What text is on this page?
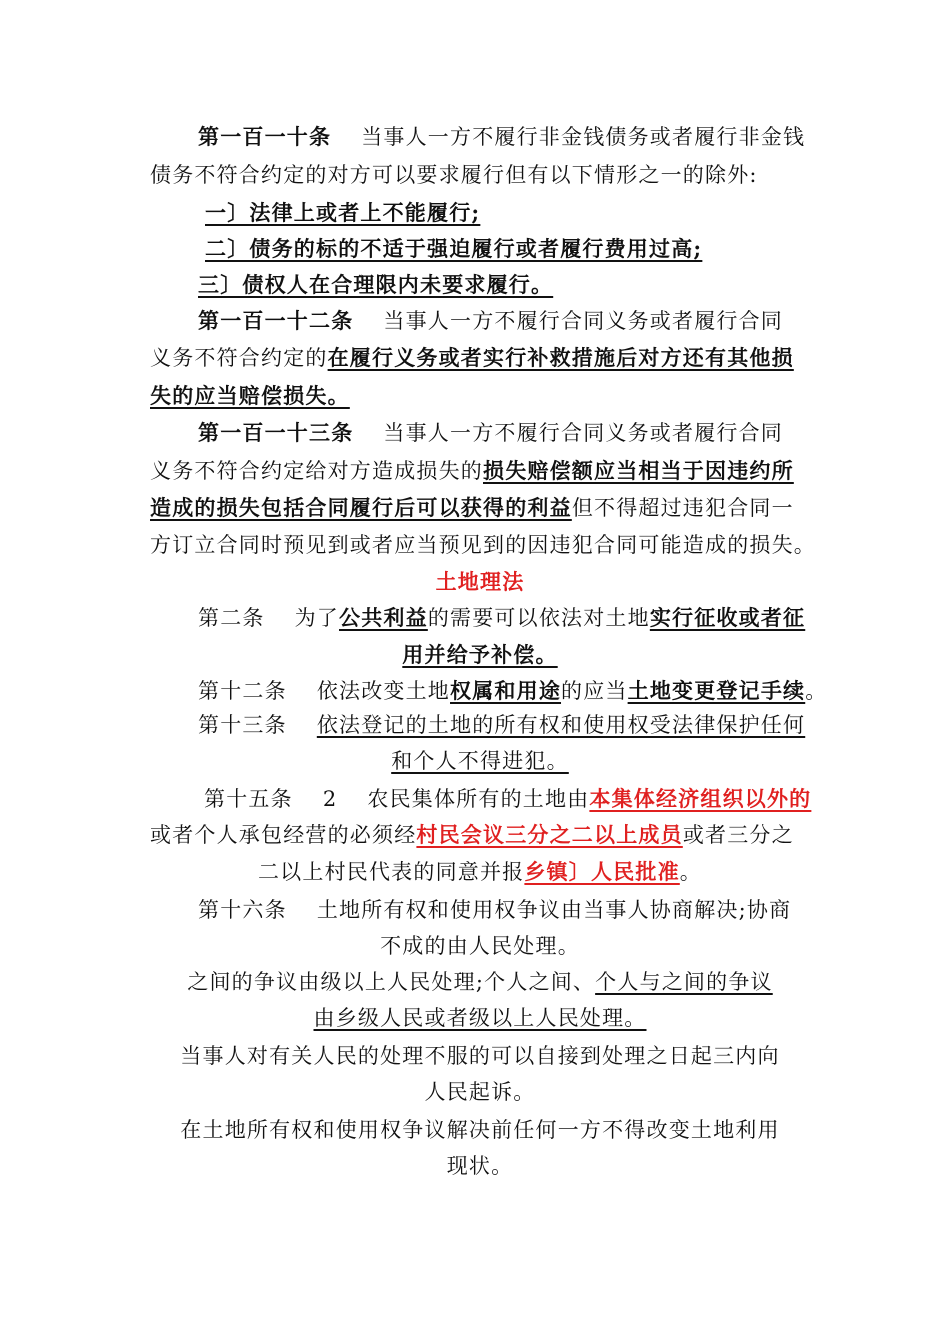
第一百一十条 当事人一方不履行非金钱债务或者履行非金钱
债务不符合约定的对方可以要求履行但有以下情形之一的除外:
一〕法律上或者上不能履行;
二〕债务的标的不适于强迫履行或者履行费用过高;
三〕债权人在合理限内未要求履行。
第一百一十二条 当事人一方不履行合同义务或者履行合同
义务不符合约定的在履行义务或者实行补救措施后对方还有其他损
失的应当赔偿损失。
第一百一十三条 当事人一方不履行合同义务或者履行合同
义务不符合约定给对方造成损失的损失赔偿额应当相当于因违约所
造成的损失包括合同履行后可以获得的利益但不得超过违犯合同一
方订立合同时预见到或者应当预见到的因违犯合同可能造成的损失。
土地理法
第二条 为了公共利益的需要可以依法对土地实行征收或者征
用并给予补偿。
第十二条 依法改变土地权属和用途的应当土地变更登记手续。
第十三条 依法登记的土地的所有权和使用权受法律保护任何
和个人不得进犯。
第十五条 2 农民集体所有的土地由本集体经济组织以外的
或者个人承包经营的必须经村民会议三分之二以上成员或者三分之
二以上村民代表的同意并报乡镇〕人民批准。
第十六条 土地所有权和使用权争议由当事人协商解决;协商
不成的由人民处理。
之间的争议由级以上人民处理;个人之间、个人与之间的争议
由乡级人民或者级以上人民处理。
当事人对有关人民的处理不服的可以自接到处理之日起三内向
人民起诉。
在土地所有权和使用权争议解决前任何一方不得改变土地利用
现状。
